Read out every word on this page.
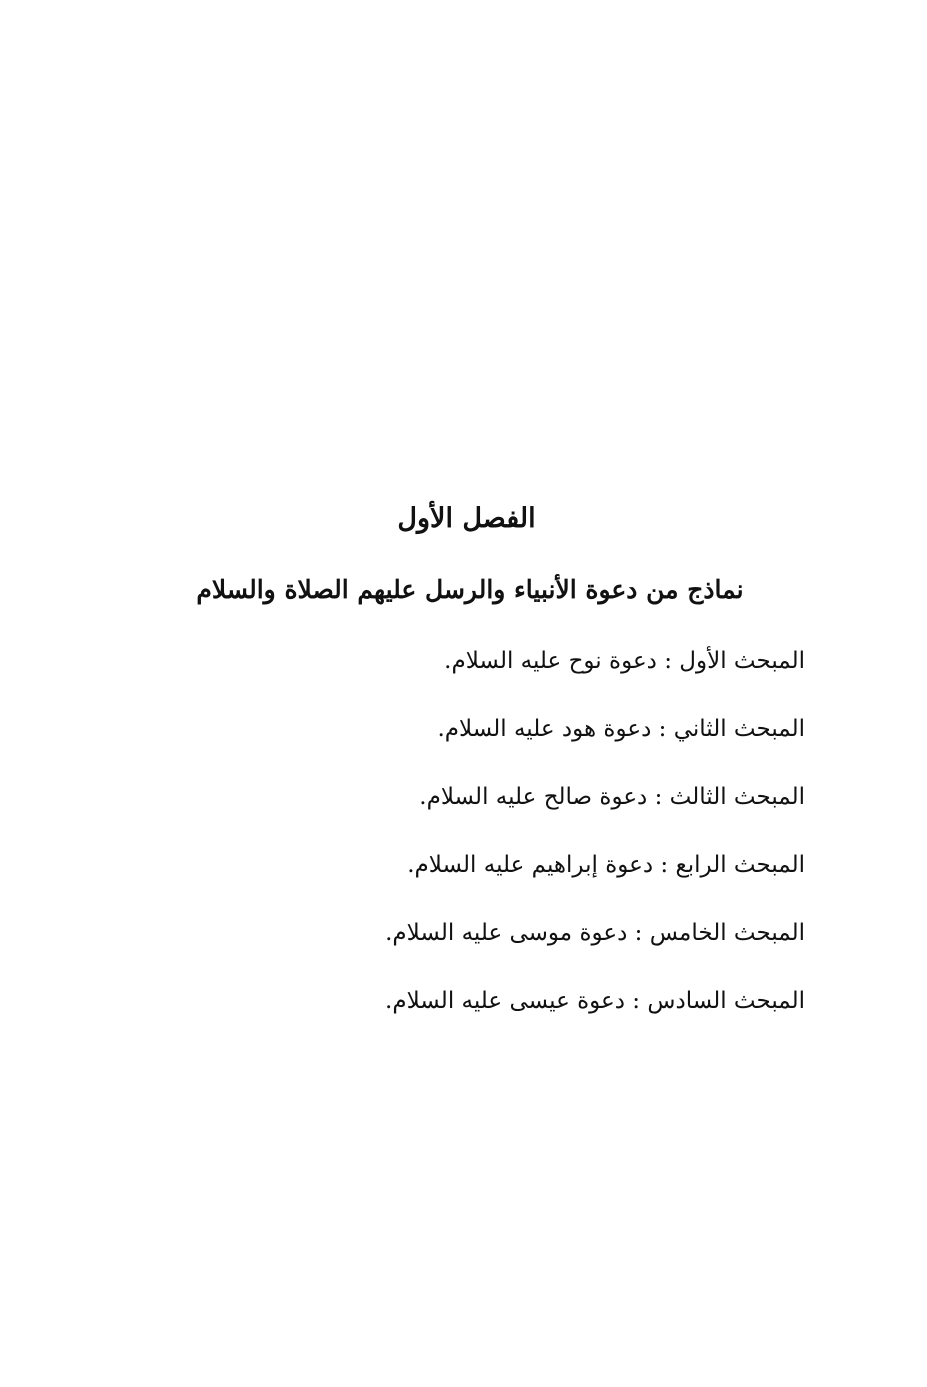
الفصل الأول
نماذج من دعوة الأنبياء والرسل عليهم الصلاة والسلام
المبحث الأول : دعوة نوح عليه السلام.
المبحث الثاني : دعوة هود عليه السلام.
المبحث الثالث : دعوة صالح عليه السلام.
المبحث الرابع : دعوة إبراهيم عليه السلام.
المبحث الخامس : دعوة موسى عليه السلام.
المبحث السادس : دعوة عيسى عليه السلام.
